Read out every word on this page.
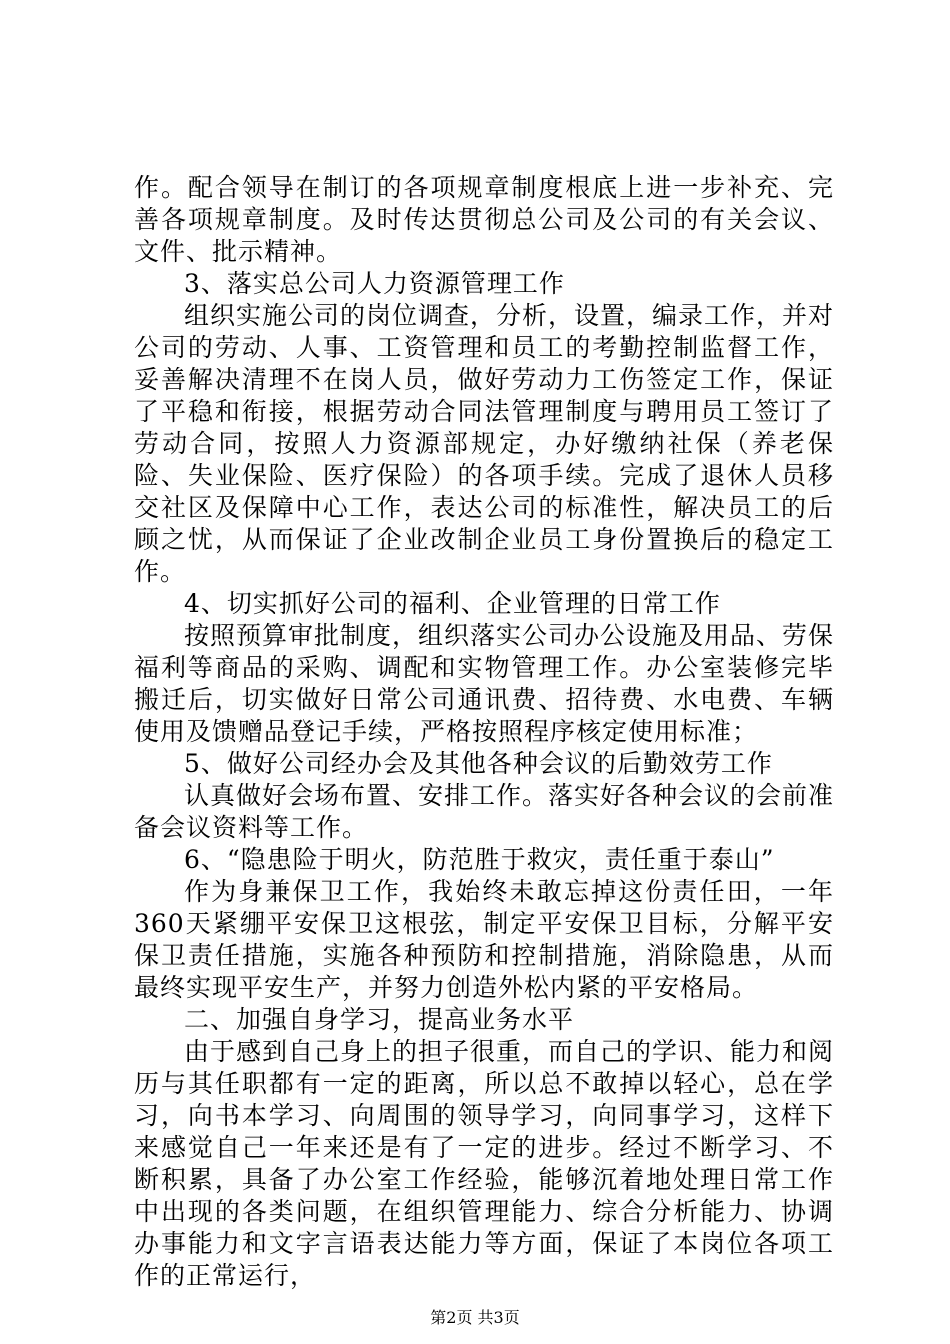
作。配合领导在制订的各项规章制度根底上进一步补充、完善各项规章制度。及时传达贯彻总公司及公司的有关会议、文件、批示精神。

3、落实总公司人力资源管理工作

组织实施公司的岗位调查，分析，设置，编录工作，并对公司的劳动、人事、工资管理和员工的考勤控制监督工作，妥善解决清理不在岗人员，做好劳动力工伤签定工作，保证了平稳和衔接，根据劳动合同法管理制度与聘用员工签订了劳动合同，按照人力资源部规定，办好缴纳社保（养老保险、失业保险、医疗保险）的各项手续。完成了退休人员移交社区及保障中心工作，表达公司的标准性，解决员工的后顾之忧，从而保证了企业改制企业员工身份置换后的稳定工作。

4、切实抓好公司的福利、企业管理的日常工作

按照预算审批制度，组织落实公司办公设施及用品、劳保福利等商品的采购、调配和实物管理工作。办公室装修完毕搬迁后，切实做好日常公司通讯费、招待费、水电费、车辆使用及馈赠品登记手续，严格按照程序核定使用标准；

5、做好公司经办会及其他各种会议的后勤效劳工作

认真做好会场布置、安排工作。落实好各种会议的会前准备会议资料等工作。

6、“隐患险于明火，防范胜于救灾，责任重于泰山”

作为身兼保卫工作，我始终未敢忘掉这份责任田，一年360天紧绷平安保卫这根弦，制定平安保卫目标，分解平安保卫责任措施，实施各种预防和控制措施，消除隐患，从而最终实现平安生产，并努力创造外松内紧的平安格局。

二、加强自身学习，提高业务水平

由于感到自己身上的担子很重，而自己的学识、能力和阅历与其任职都有一定的距离，所以总不敢掉以轻心，总在学习，向书本学习、向周围的领导学习，向同事学习，这样下来感觉自己一年来还是有了一定的进步。经过不断学习、不断积累，具备了办公室工作经验，能够沉着地处理日常工作中出现的各类问题，在组织管理能力、综合分析能力、协调办事能力和文字言语表达能力等方面，保证了本岗位各项工作的正常运行，

第2页 共3页
